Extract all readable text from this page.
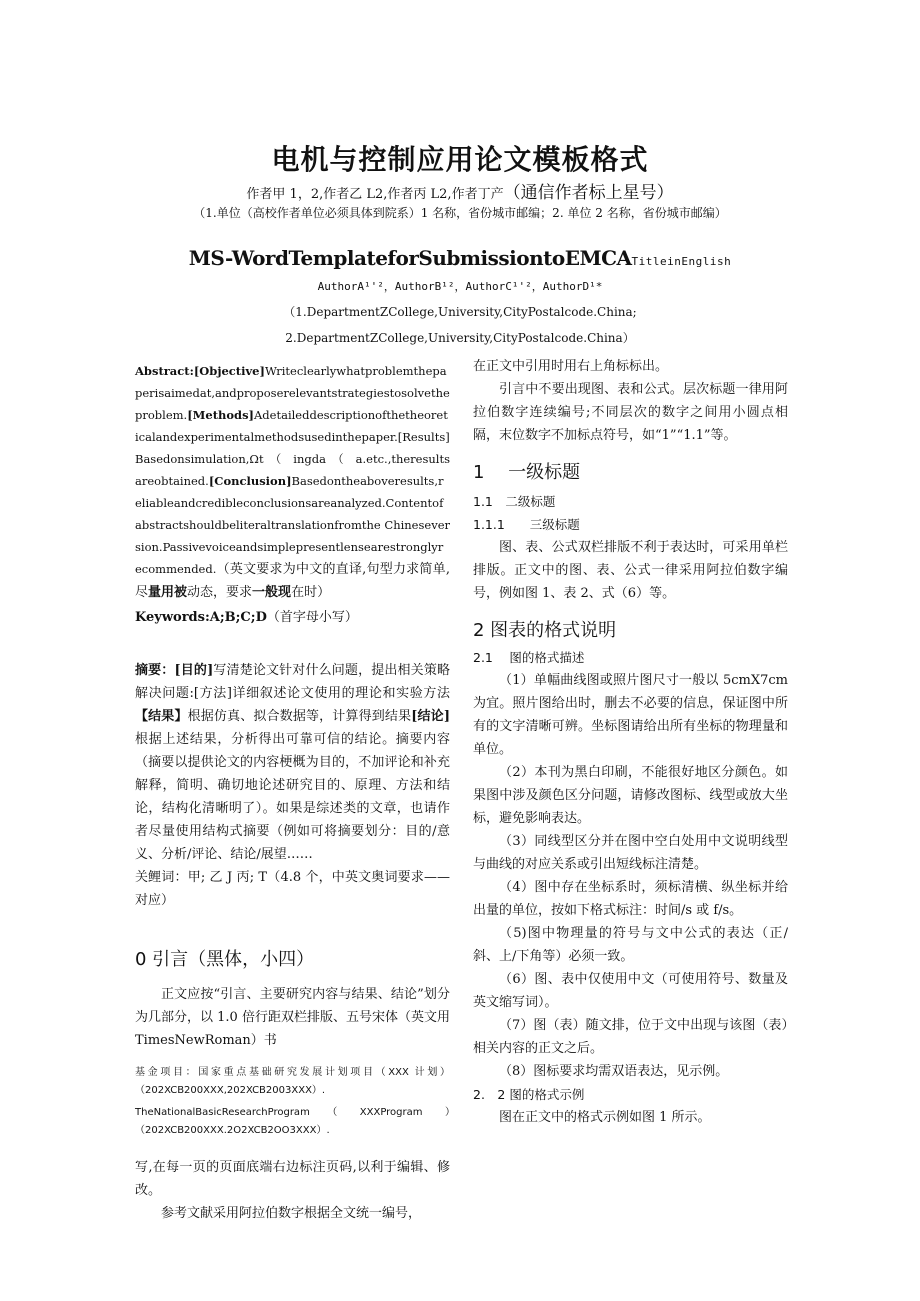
电机与控制应用论文模板格式
作者甲 1，2,作者乙 L2,作者丙 L2,作者丁产（通信作者标上星号）
（1.单位（高校作者单位必须具体到院系）1 名称，省份城市邮编；2. 单位 2 名称，省份城市邮编）
MS-WordTemplateforSubmissiontoEMCATitleinEnglish
AuthorA¹'²，AuthorB¹²，AuthorC¹'²，AuthorD¹*
（1.DepartmentZCollege,University,CityPostalcode.China;
2.DepartmentZCollege,University,CityPostalcode.China）

Abstract:[Objective]Writeclearlywhatproblemthepaperisaimedat,andproposerelevantstrategiestosolvetheproblem.[Methods]Adetaileddescriptionofthetheoreticalandexperimentalmethodsusedinthepaper.[Results]Basedonsimulation,Ωt　（　ingda　（　a.etc.,theresultsareobtained.[Conclusion]Basedontheaboveresults,reliableandcredibleconclusionsareanalyzed.Contentofabstractshouldbeliteraltranslationfromthe Chineseversion.Passivevoiceandsimplepresentlensearestronglyrecommended.（英文要求为中文的直译,句型力求简单,尽量用被动态，要求一般现在时）

Keywords:A;B;C;D（首字母小写）

摘要：[目的]写清楚论文针对什么问题，提出相关策略解决问题:[方法]详细叙述论文使用的理论和实验方法【结果】根据仿真、拟合数据等，计算得到结果[结论]根据上述结果，分析得出可靠可信的结论。摘要内容（摘要以提供论文的内容梗概为目的，不加评论和补充解释，简明、确切地论述研究目的、原理、方法和结论，结构化清晰明了）。如果是综述类的文章，也请作者尽量使用结构式摘要（例如可将摘要划分：目的/意义、分析/评论、结论/展望……

关鲤词：甲; 乙 J 丙; T（4.8 个，中英文奥词要求——对应）

0 引言（黑体，小四）

正文应按“引言、主要研究内容与结果、结论”划分为几部分，以 1.0 倍行距双栏排版、五号宋体（英文用 TimesNewRoman）书

基金项目：国家重点基础研究发展计划项目（XXX 计划）（202XCB200XXX,202XCB2003XXX）.

TheNationalBasicResearchProgram　（　XXXProgram　）　（202XCB200XXX.2O2XCB2OO3XXX）.

写,在每一页的页面底端右边标注页码,以利于编辑、修改。

参考文献采用阿拉伯数字根据全文统一编号，

在正文中引用时用右上角标标出。

引言中不要出现图、表和公式。层次标题一律用阿拉伯数字连续编号;不同层次的数字之间用小圆点相隔，末位数字不加标点符号，如“1”“1.1”等。

1　 一级标题

1.1　二级标题

1.1.1　　三级标题

图、表、公式双栏排版不利于表达时，可采用单栏排版。正文中的图、表、公式一律采用阿拉伯数字编号，例如图 1、表 2、式（6）等。

2 图表的格式说明

2.1　 图的格式描述

（1）单幅曲线图或照片图尺寸一般以 5cmX7cm 为宜。照片图给出时，删去不必要的信息，保证图中所有的文字清晰可辨。坐标图请给出所有坐标的物理量和单位。

（2）本刊为黑白印刷，不能很好地区分颜色。如果图中涉及颜色区分问题，请修改图标、线型或放大坐标，避免影响表达。

（3）同线型区分并在图中空白处用中文说明线型与曲线的对应关系或引出短线标注清楚。

（4）图中存在坐标系时，须标清横、纵坐标并给出量的单位，按如下格式标注：时间/s 或 f/s。

（5)图中物理量的符号与文中公式的表达（正/斜、上/下角等）必须一致。

（6）图、表中仅使用中文（可使用符号、数量及英文缩写词）。

（7）图（表）随文排，位于文中出现与该图（表）相关内容的正文之后。

（8）图标要求均需双语表达，见示例。

2.　2 图的格式示例

图在正文中的格式示例如图 1 所示。
